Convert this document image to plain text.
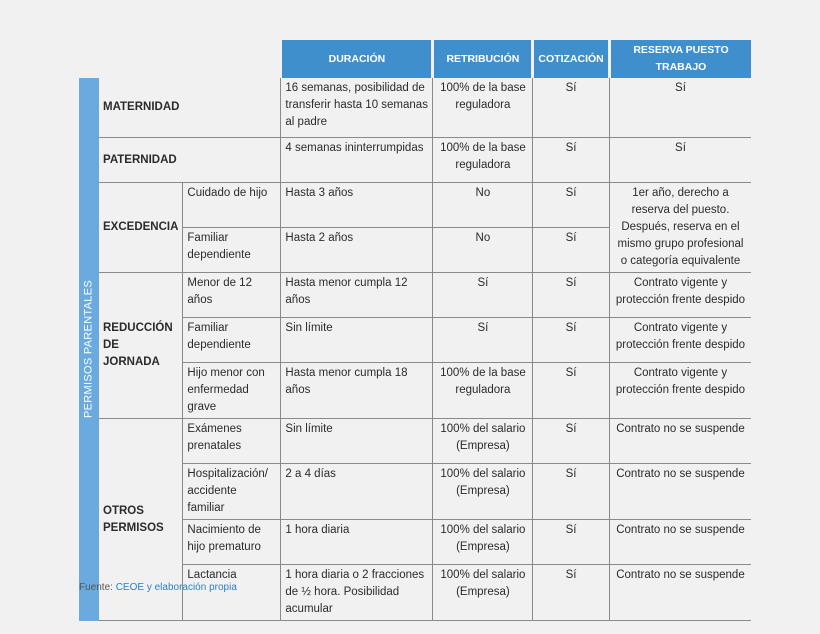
			DURACIÓN	RETRIBUCIÓN	COTIZACIÓN	RESERVA PUESTO TRABAJO

PERMISOS PARENTALES	MATERNIDAD		16 semanas, posibilidad de transferir hasta 10 semanas al padre	100% de la base reguladora	Sí	Sí
	PATERNIDAD		4 semanas ininterrumpidas	100% de la base reguladora	Sí	Sí
	EXCEDENCIA	Cuidado de hijo	Hasta 3 años	No	Sí	1er año, derecho a reserva del puesto. Después, reserva en el mismo grupo profesional o categoría equivalente
		Familiar dependiente	Hasta 2 años	No	Sí	
	REDUCCIÓN DE JORNADA	Menor de 12 años	Hasta menor cumpla 12 años	Sí	Sí	Contrato vigente y protección frente despido
		Familiar dependiente	Sin límite	Sí	Sí	Contrato vigente y protección frente despido
		Hijo menor con enfermedad grave	Hasta menor cumpla 18 años	100% de la base reguladora	Sí	Contrato vigente y protección frente despido
	OTROS PERMISOS	Exámenes prenatales	Sin límite	100% del salario (Empresa)	Sí	Contrato no se suspende
		Hospitalización/ accidente familiar	2 a 4 días	100% del salario (Empresa)	Sí	Contrato no se suspende
		Nacimiento de hijo prematuro	1 hora diaria	100% del salario (Empresa)	Sí	Contrato no se suspende
		Lactancia	1 hora diaria o 2 fracciones de ½ hora. Posibilidad acumular	100% del salario (Empresa)	Sí	Contrato no se suspende
Fuente: CEOE y elaboración propia
